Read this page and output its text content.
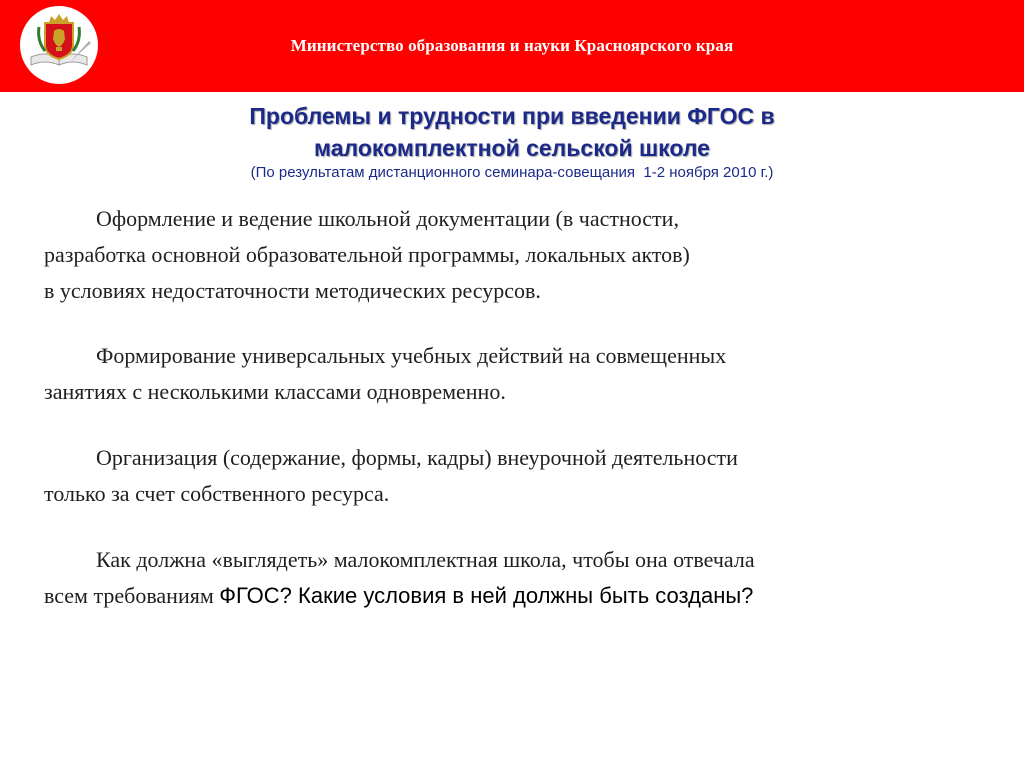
Министерство образования и науки Красноярского края
Проблемы и трудности при введении ФГОС в
малокомплектной сельской школе
(По результатам дистанционного семинара-совещания  1-2 ноября 2010 г.)
Оформление и ведение школьной документации (в частности,
разработка основной образовательной программы, локальных актов)
в условиях недостаточности методических ресурсов.
Формирование универсальных учебных действий на совмещенных
занятиях с несколькими классами одновременно.
Организация (содержание, формы, кадры) внеурочной деятельности
только за счет собственного ресурса.
Как должна «выглядеть» малокомплектная школа, чтобы она отвечала
всем требованиям ФГОС? Какие условия в ней должны быть созданы?
